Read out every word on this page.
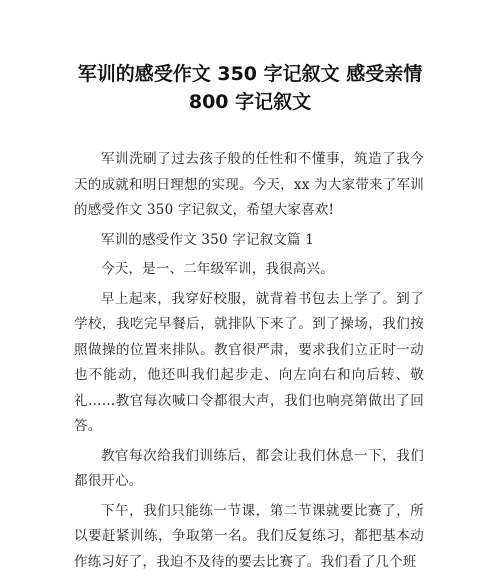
军训的感受作文 350 字记叙文 感受亲情
800 字记叙文

军训洗刷了过去孩子般的任性和不懂事，筑造了我今天的成就和明日理想的实现。今天，xx 为大家带来了军训的感受作文 350 字记叙文，希望大家喜欢!

军训的感受作文 350 字记叙文篇 1

今天，是一、二年级军训，我很高兴。

早上起来，我穿好校服，就背着书包去上学了。到了学校，我吃完早餐后，就排队下来了。到了操场，我们按照做操的位置来排队。教官很严肃，要求我们立正时一动也不能动，他还叫我们起步走、向左向右和向后转、敬礼……教官每次喊口令都很大声，我们也响亮第做出了回答。

教官每次给我们训练后，都会让我们休息一下，我们都很开心。

下午，我们只能练一节课，第二节课就要比赛了，所以要赶紧训练，争取第一名。我们反复练习，都把基本动作练习好了，我迫不及待的要去比赛了。我们看了几个班
